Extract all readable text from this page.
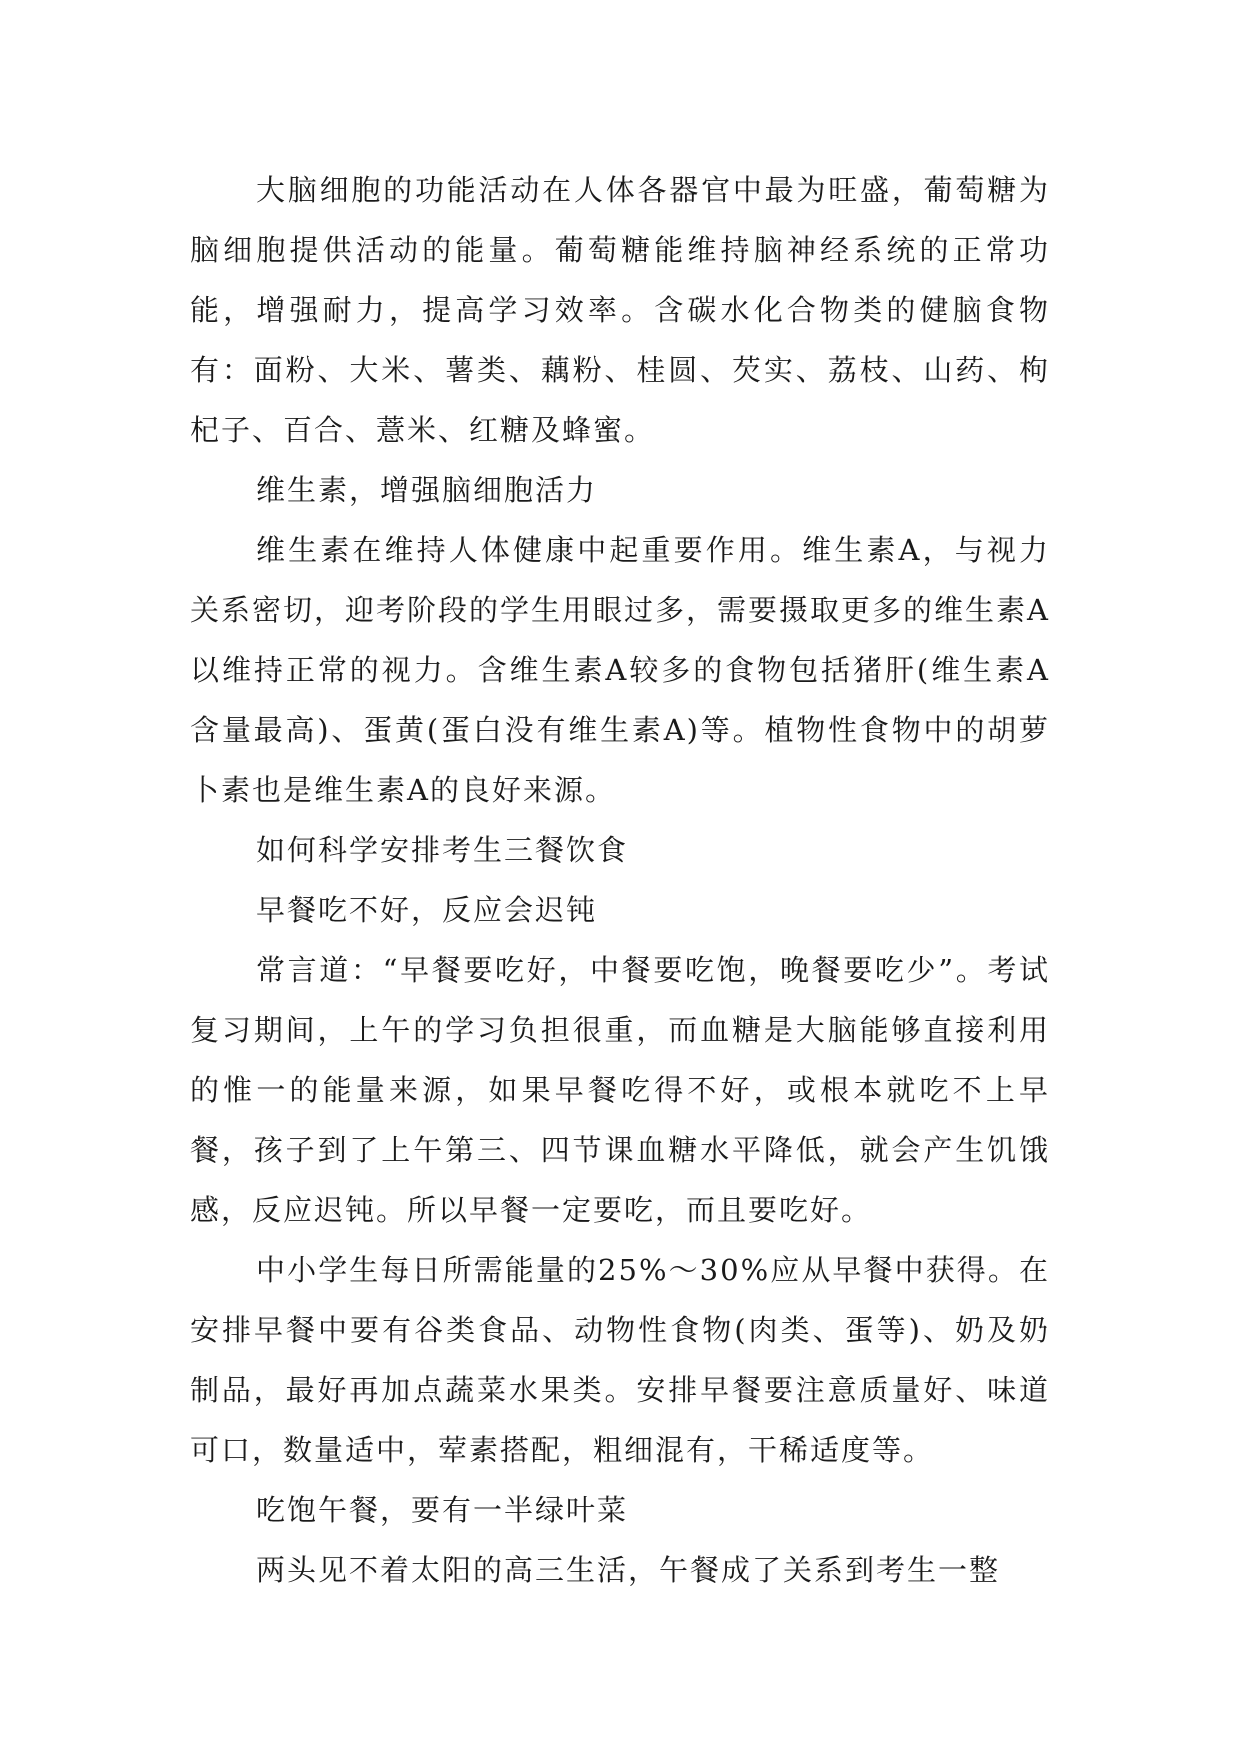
大脑细胞的功能活动在人体各器官中最为旺盛，葡萄糖为脑细胞提供活动的能量。葡萄糖能维持脑神经系统的正常功能，增强耐力，提高学习效率。含碳水化合物类的健脑食物有：面粉、大米、薯类、藕粉、桂圆、芡实、荔枝、山药、枸杞子、百合、薏米、红糖及蜂蜜。

维生素，增强脑细胞活力

维生素在维持人体健康中起重要作用。维生素A，与视力关系密切，迎考阶段的学生用眼过多，需要摄取更多的维生素A以维持正常的视力。含维生素A较多的食物包括猪肝(维生素A含量最高)、蛋黄(蛋白没有维生素A)等。植物性食物中的胡萝卜素也是维生素A的良好来源。

如何科学安排考生三餐饮食

早餐吃不好，反应会迟钝

常言道：“早餐要吃好，中餐要吃饱，晚餐要吃少”。考试复习期间，上午的学习负担很重，而血糖是大脑能够直接利用的惟一的能量来源，如果早餐吃得不好，或根本就吃不上早餐，孩子到了上午第三、四节课血糖水平降低，就会产生饥饿感，反应迟钝。所以早餐一定要吃，而且要吃好。

中小学生每日所需能量的25%～30%应从早餐中获得。在安排早餐中要有谷类食品、动物性食物(肉类、蛋等)、奶及奶制品，最好再加点蔬菜水果类。安排早餐要注意质量好、味道可口，数量适中，荤素搭配，粗细混有，干稀适度等。

吃饱午餐，要有一半绿叶菜

两头见不着太阳的高三生活，午餐成了关系到考生一整
